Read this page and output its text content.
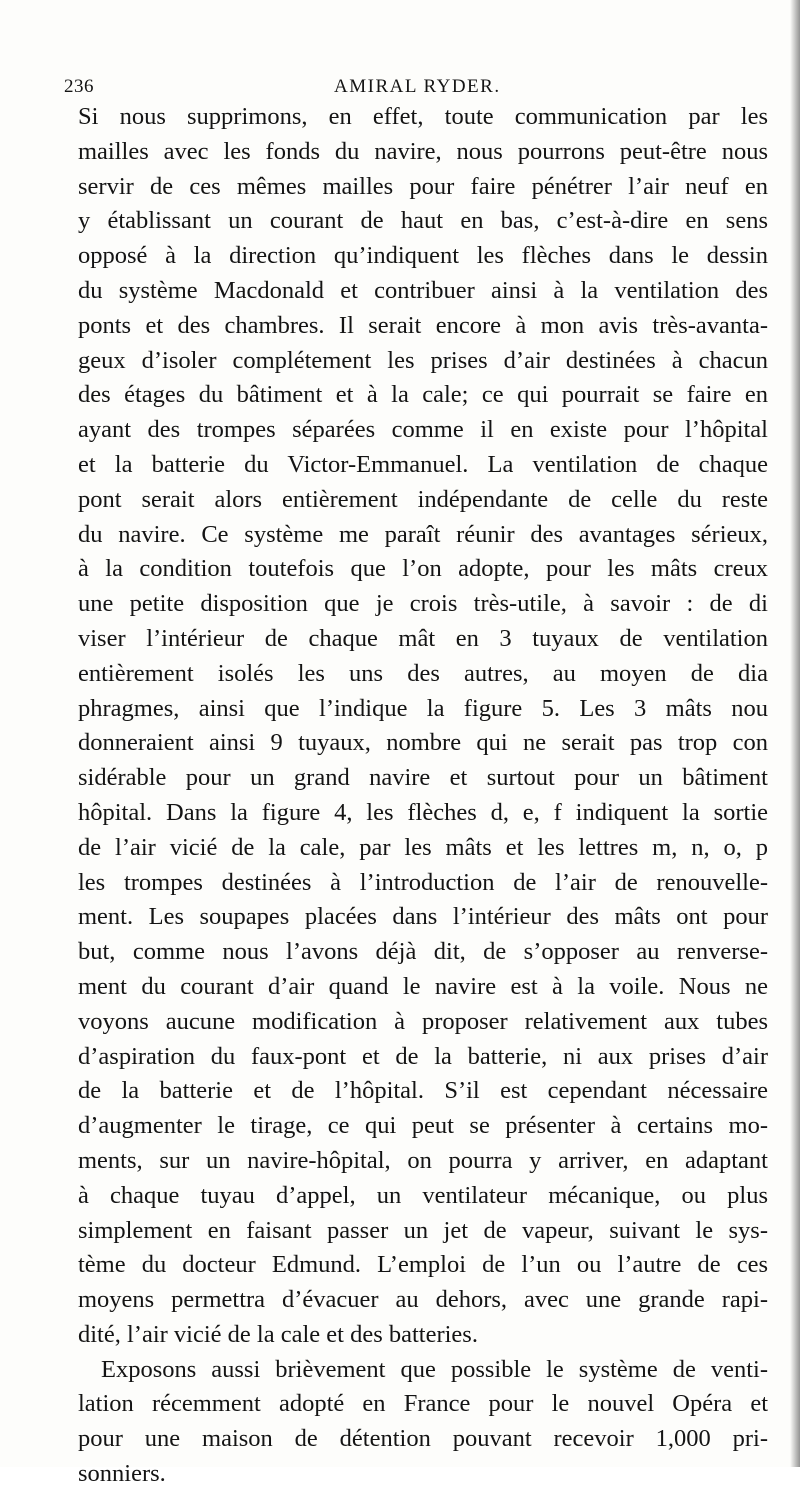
236	AMIRAL RYDER.
Si nous supprimons, en effet, toute communication par les
mailles avec les fonds du navire, nous pourrons peut-être nous
servir de ces mêmes mailles pour faire pénétrer l’air neuf en
y établissant un courant de haut en bas, c’est-à-dire en sens
opposé à la direction qu’indiquent les flèches dans le dessin
du système Macdonald et contribuer ainsi à la ventilation des
ponts et des chambres. Il serait encore à mon avis très-avanta-
geux d’isoler complétement les prises d’air destinées à chacun
des étages du bâtiment et à la cale; ce qui pourrait se faire en
ayant des trompes séparées comme il en existe pour l’hôpital
et la batterie du Victor-Emmanuel. La ventilation de chaque
pont serait alors entièrement indépendante de celle du reste
du navire. Ce système me paraît réunir des avantages sérieux,
à la condition toutefois que l’on adopte, pour les mâts creux
une petite disposition que je crois très-utile, à savoir : de di
viser l’intérieur de chaque mât en 3 tuyaux de ventilation
entièrement isolés les uns des autres, au moyen de dia
phragmes, ainsi que l’indique la figure 5. Les 3 mâts nou
donneraient ainsi 9 tuyaux, nombre qui ne serait pas trop con
sidérable pour un grand navire et surtout pour un bâtiment
hôpital. Dans la figure 4, les flèches d, e, f indiquent la sortie
de l’air vicié de la cale, par les mâts et les lettres m, n, o, p
les trompes destinées à l’introduction de l’air de renouvelle-
ment. Les soupapes placées dans l’intérieur des mâts ont pour
but, comme nous l’avons déjà dit, de s’opposer au renverse-
ment du courant d’air quand le navire est à la voile. Nous ne
voyons aucune modification à proposer relativement aux tubes
d’aspiration du faux-pont et de la batterie, ni aux prises d’air
de la batterie et de l’hôpital. S’il est cependant nécessaire
d’augmenter le tirage, ce qui peut se présenter à certains mo-
ments, sur un navire-hôpital, on pourra y arriver, en adaptant
à chaque tuyau d’appel, un ventilateur mécanique, ou plus
simplement en faisant passer un jet de vapeur, suivant le sys-
tème du docteur Edmund. L’emploi de l’un ou l’autre de ces
moyens permettra d’évacuer au dehors, avec une grande rapi-
dité, l’air vicié de la cale et des batteries.
Exposons aussi brièvement que possible le système de venti-
lation récemment adopté en France pour le nouvel Opéra et
pour une maison de détention pouvant recevoir 1,000 pri-
sonniers.
